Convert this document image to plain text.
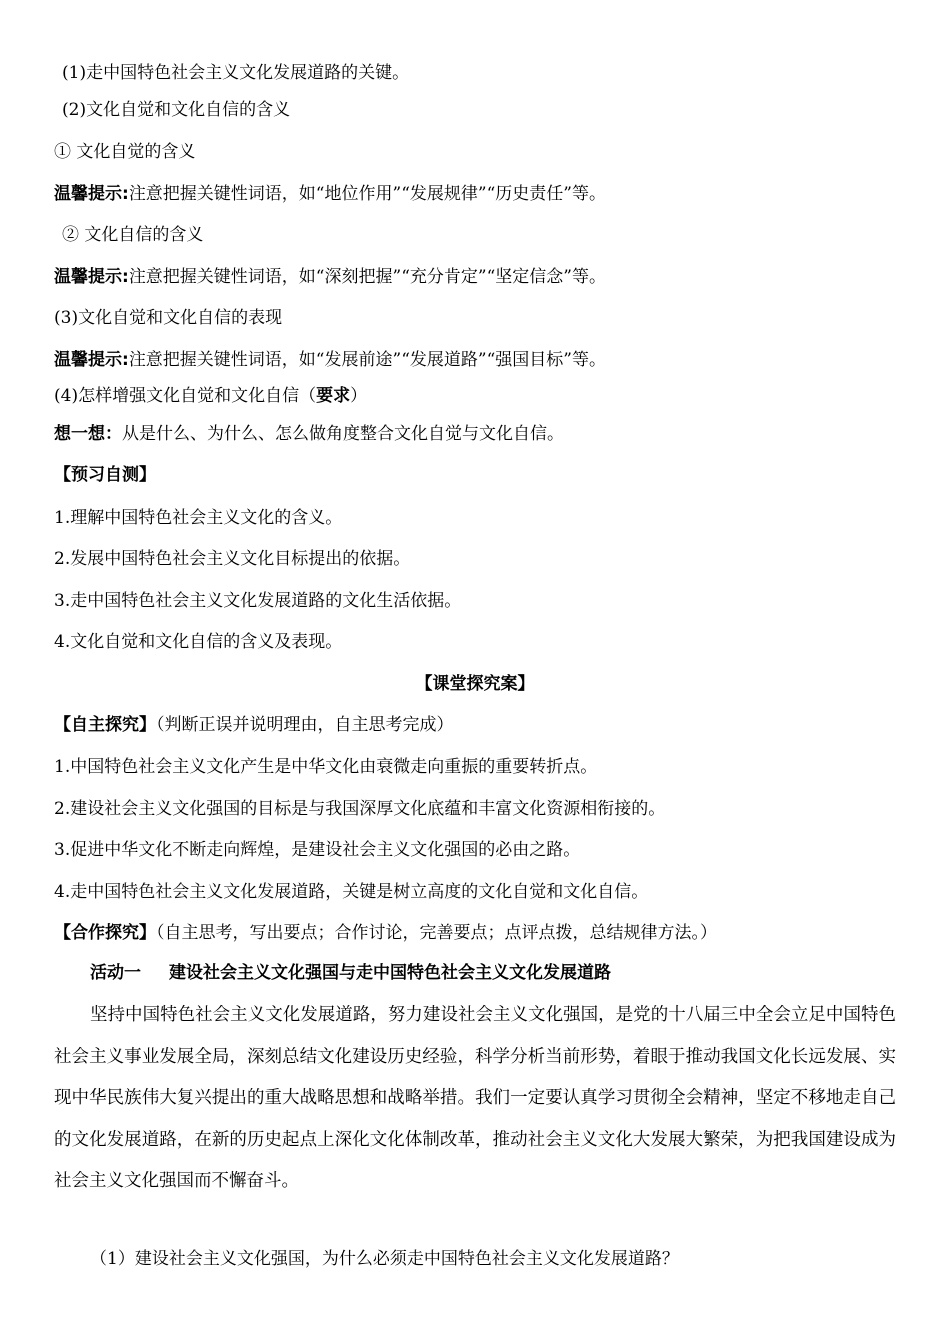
(1)走中国特色社会主义文化发展道路的关键。
(2)文化自觉和文化自信的含义
① 文化自觉的含义
温馨提示:注意把握关键性词语，如“地位作用”“发展规律”“历史责任”等。
② 文化自信的含义
温馨提示:注意把握关键性词语，如“深刻把握”“充分肯定”“坚定信念”等。
(3)文化自觉和文化自信的表现
温馨提示:注意把握关键性词语，如“发展前途”“发展道路”“强国目标”等。
(4)怎样增强文化自觉和文化自信（要求）
想一想：从是什么、为什么、怎么做角度整合文化自觉与文化自信。
【预习自测】
1.理解中国特色社会主义文化的含义。
2.发展中国特色社会主义文化目标提出的依据。
3.走中国特色社会主义文化发展道路的文化生活依据。
4.文化自觉和文化自信的含义及表现。
【课堂探究案】
【自主探究】（判断正误并说明理由，自主思考完成）
1.中国特色社会主义文化产生是中华文化由衰微走向重振的重要转折点。
2.建设社会主义文化强国的目标是与我国深厚文化底蕴和丰富文化资源相衔接的。
3.促进中华文化不断走向辉煌，是建设社会主义文化强国的必由之路。
4.走中国特色社会主义文化发展道路，关键是树立高度的文化自觉和文化自信。
【合作探究】（自主思考，写出要点；合作讨论，完善要点；点评点拨，总结规律方法。）
活动一 建设社会主义文化强国与走中国特色社会主义文化发展道路
坚持中国特色社会主义文化发展道路，努力建设社会主义文化强国，是党的十八届三中全会立足中国特色社会主义事业发展全局，深刻总结文化建设历史经验，科学分析当前形势，着眼于推动我国文化长远发展、实现中华民族伟大复兴提出的重大战略思想和战略举措。我们一定要认真学习贯彻全会精神，坚定不移地走自己的文化发展道路，在新的历史起点上深化文化体制改革，推动社会主义文化大发展大繁荣，为把我国建设成为社会主义文化强国而不懈奋斗。
（1）建设社会主义文化强国，为什么必须走中国特色社会主义文化发展道路？
